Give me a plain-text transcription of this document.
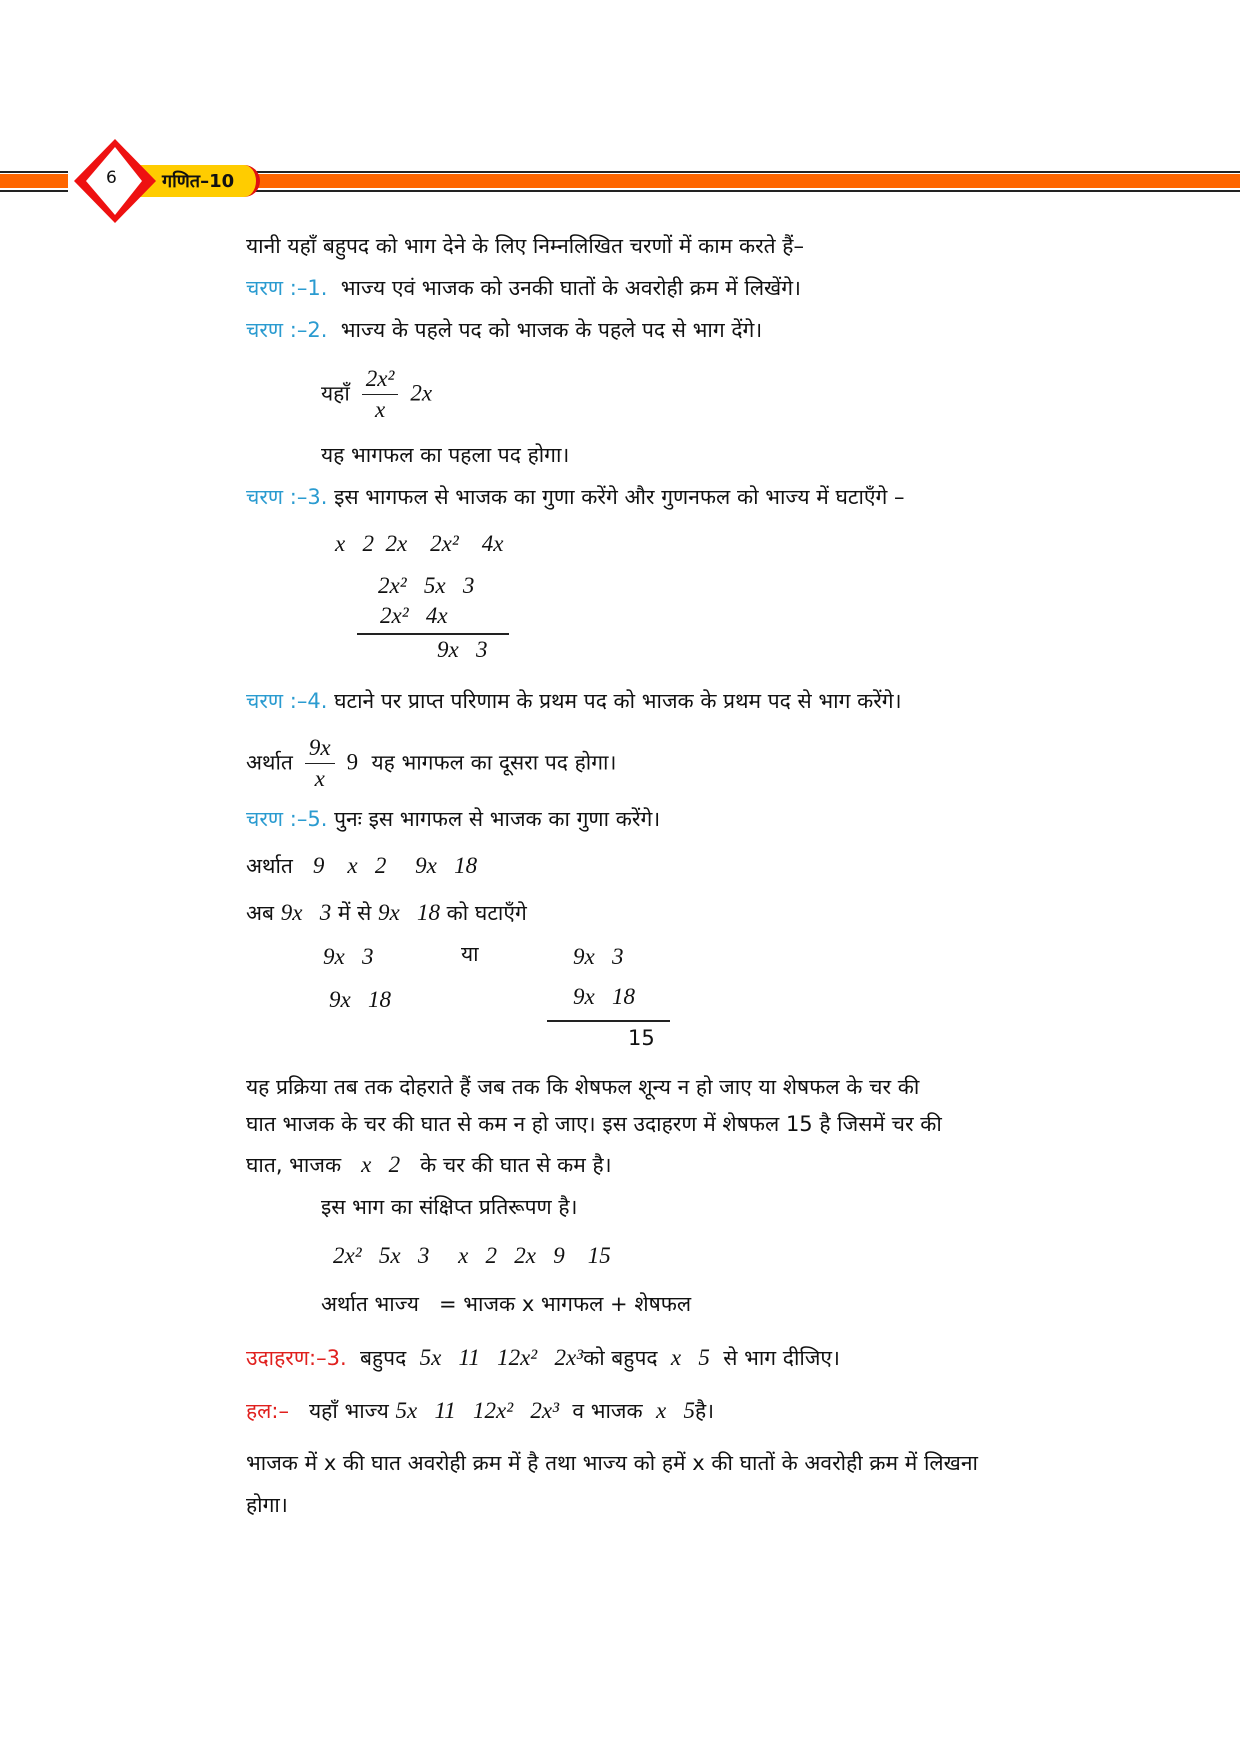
गणित–10
6
यानी यहाँ बहुपद को भाग देने के लिए निम्नलिखित चरणों में काम करते हैं–
चरण :–1. भाज्य एवं भाजक को उनकी घातों के अवरोही क्रम में लिखेंगे।
चरण :–2. भाज्य के पहले पद को भाजक के पहले पद से भाग देंगे।
यहाँ $\frac{\text{2x²}}{x} 2x$
यह भागफल का पहला पद होगा।
चरण :–3. इस भागफल से भाजक का गुणा करेंगे और गुणनफल को भाज्य में घटाएँगे –
x   2  2x    2x²    4x
2x²   5x   3
2x²   4x
9x   3
चरण :–4. घटाने पर प्राप्त परिणाम के प्रथम पद को भाजक के प्रथम पद से भाग करेंगे।
अर्थात $\frac{9x}{x} 9$ यह भागफल का दूसरा पद होगा।
चरण :–5. पुनः इस भागफल से भाजक का गुणा करेंगे।
अर्थात 9    x   2     9x   18
अब 9x   3 में से 9x   18 को घटाएँगे
9x   3
9x   18
या	9x   3
9x   18
15
यह प्रक्रिया तब तक दोहराते हैं जब तक कि शेषफल शून्य न हो जाए या शेषफल के चर की
घात भाजक के चर की घात से कम न हो जाए। इस उदाहरण में शेषफल 15 है जिसमें चर की
घात, भाजक x   2 के चर की घात से कम है।
इस भाग का संक्षिप्त प्रतिरूपण है।
2x²   5x   3     x   2   2x   9    15
अर्थात भाज्य   = भाजक x भागफल + शेषफल
उदाहरण:–3. बहुपद 5x   11   12x²   2x³को बहुपद x   5 से भाग दीजिए।
हल:– यहाँ भाज्य 5x   11   12x²   2x³ व भाजक x   5है।
भाजक में x की घात अवरोही क्रम में है तथा भाज्य को हमें x की घातों के अवरोही क्रम में लिखना
होगा।
